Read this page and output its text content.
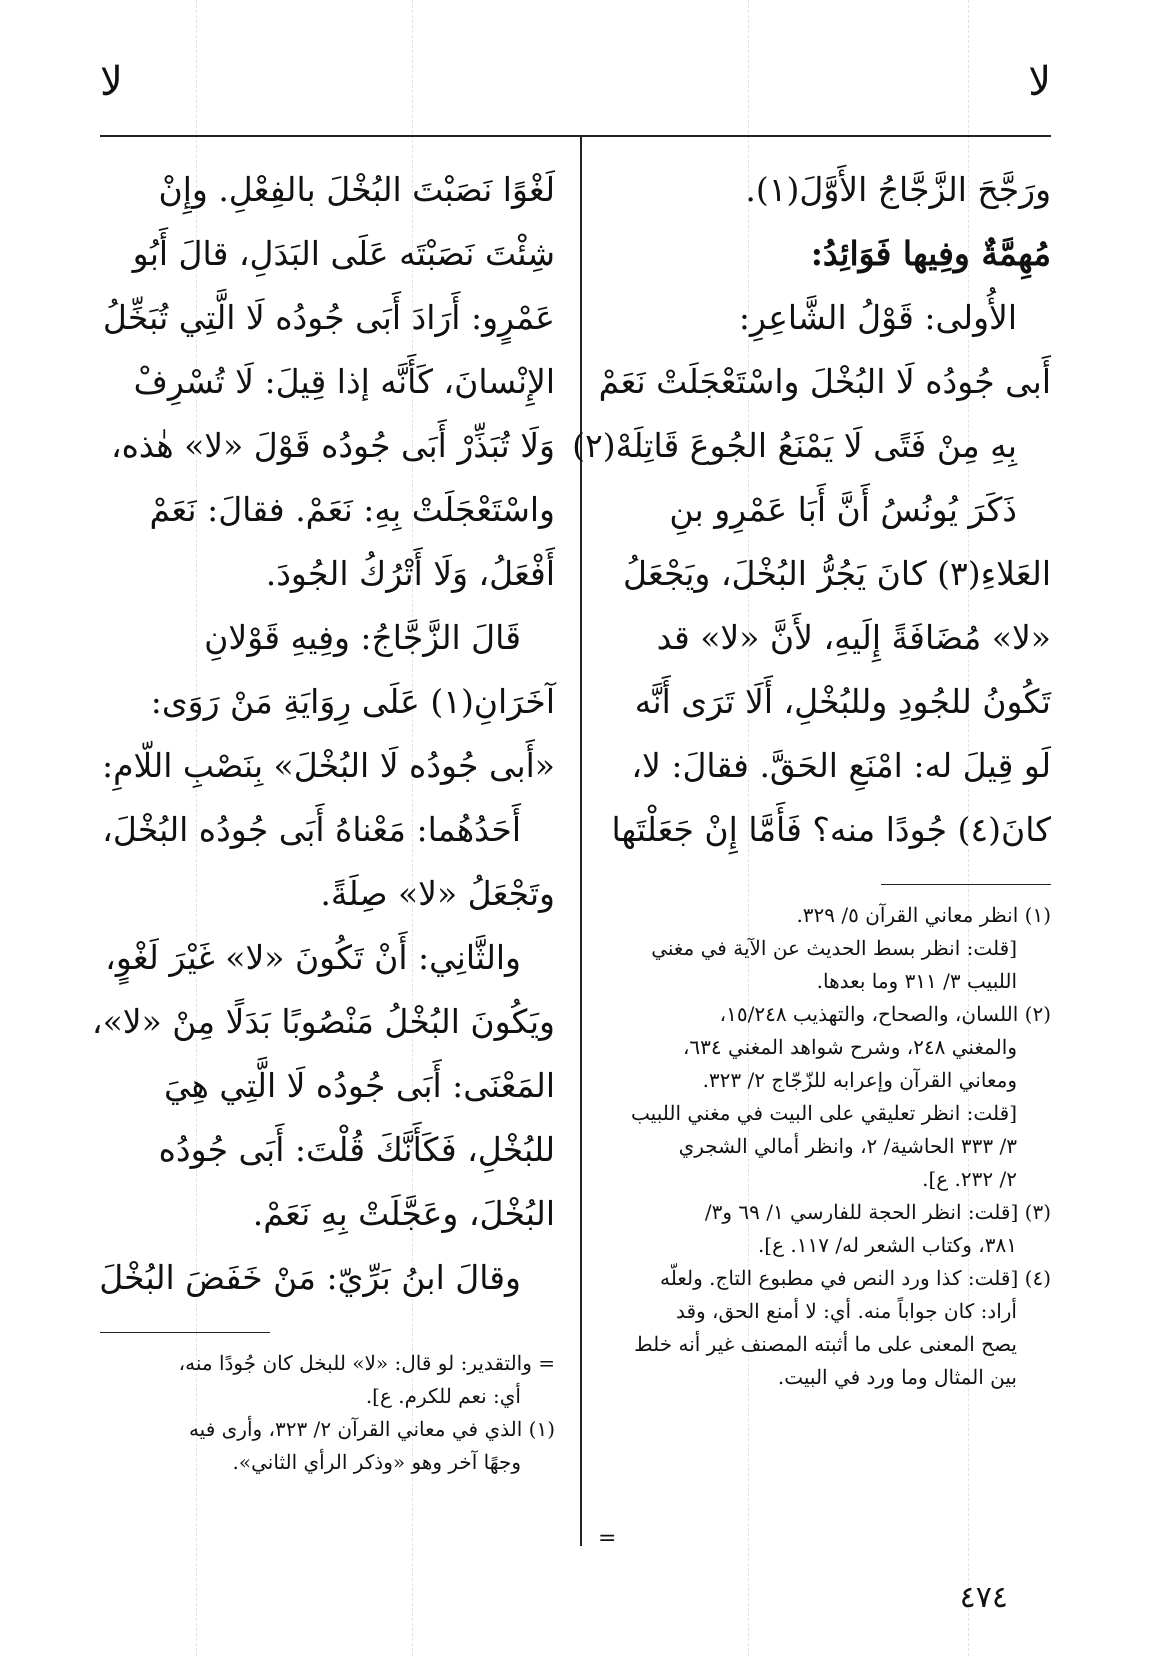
لا
لا
ورَجَّحَ الزَّجَّاجُ الأَوَّلَ(١).
مُهِمَّةٌ وفِيها فَوَائِدُ:
الأُولى: قَوْلُ الشَّاعِرِ:
أَبى جُودُه لَا البُخْلَ واسْتَعْجَلَتْ نَعَمْ
بِهِ مِنْ فَتًى لَا يَمْنَعُ الجُوعَ قَاتِلَهْ(٢)
ذَكَرَ يُونُسُ أَنَّ أَبَا عَمْرِو بنِ
العَلاءِ(٣) كانَ يَجُرُّ البُخْلَ، ويَجْعَلُ
«لا» مُضَافَةً إِلَيهِ، لأَنَّ «لا» قد
تَكُونُ للجُودِ وللبُخْلِ، أَلَا تَرَى أَنَّه
لَو قِيلَ له: امْنَعِ الحَقَّ. فقالَ: لا،
كانَ(٤) جُودًا منه؟ فَأَمَّا إِنْ جَعَلْتَها
(١) انظر معاني القرآن ٥/ ٣٢٩.
[قلت: انظر بسط الحديث عن الآية في مغني
اللبيب ٣/ ٣١١ وما بعدها.
(٢) اللسان، والصحاح، والتهذيب ١٥/٢٤٨،
والمغني ٢٤٨، وشرح شواهد المغني ٦٣٤،
ومعاني القرآن وإعرابه للزّجّاج ٢/ ٣٢٣.
[قلت: انظر تعليقي على البيت في مغني اللبيب
٣/ ٣٣٣ الحاشية/ ٢، وانظر أمالي الشجري
٢/ ٢٣٢. ع].
(٣) [قلت: انظر الحجة للفارسي ١/ ٦٩ و٣/
٣٨١، وكتاب الشعر له/ ١١٧. ع].
(٤) [قلت: كذا ورد النص في مطبوع التاج. ولعلّه
أراد: كان جواباً منه. أي: لا أمنع الحق، وقد
يصح المعنى على ما أثبته المصنف غير أنه خلط
بين المثال وما ورد في البيت.
لَغْوًا نَصَبْتَ البُخْلَ بالفِعْلِ. وإِنْ
شِئْتَ نَصَبْتَه عَلَى البَدَلِ، قالَ أَبُو
عَمْرٍو: أَرَادَ أَبَى جُودُه لَا الَّتِي تُبَخِّلُ
الإِنْسانَ، كَأَنَّه إذا قِيلَ: لَا تُسْرِفْ
وَلَا تُبَذِّرْ أَبَى جُودُه قَوْلَ «لا» هٰذه،
واسْتَعْجَلَتْ بِهِ: نَعَمْ. فقالَ: نَعَمْ
أَفْعَلُ، وَلَا أَتْرُكُ الجُودَ.
قَالَ الزَّجَّاجُ: وفِيهِ قَوْلانِ
آخَرَانِ(١) عَلَى رِوَايَةِ مَنْ رَوَى:
«أَبى جُودُه لَا البُخْلَ» بِنَصْبِ اللّامِ:
أَحَدُهُما: مَعْناهُ أَبَى جُودُه البُخْلَ،
وتَجْعَلُ «لا» صِلَةً.
والثَّانِي: أَنْ تَكُونَ «لا» غَيْرَ لَغْوٍ،
ويَكُونَ البُخْلُ مَنْصُوبًا بَدَلًا مِنْ «لا»،
المَعْنَى: أَبَى جُودُه لَا الَّتِي هِيَ
للبُخْلِ، فَكَأَنَّكَ قُلْتَ: أَبَى جُودُه
البُخْلَ، وعَجَّلَتْ بِهِ نَعَمْ.
وقالَ ابنُ بَرِّيّ: مَنْ خَفَضَ البُخْلَ
= والتقدير: لو قال: «لا» للبخل كان جُودًا منه،
أي: نعم للكرم. ع].
(١) الذي في معاني القرآن ٢/ ٣٢٣، وأرى فيه
وجهًا آخر وهو «وذكر الرأي الثاني».
=
٤٧٤
